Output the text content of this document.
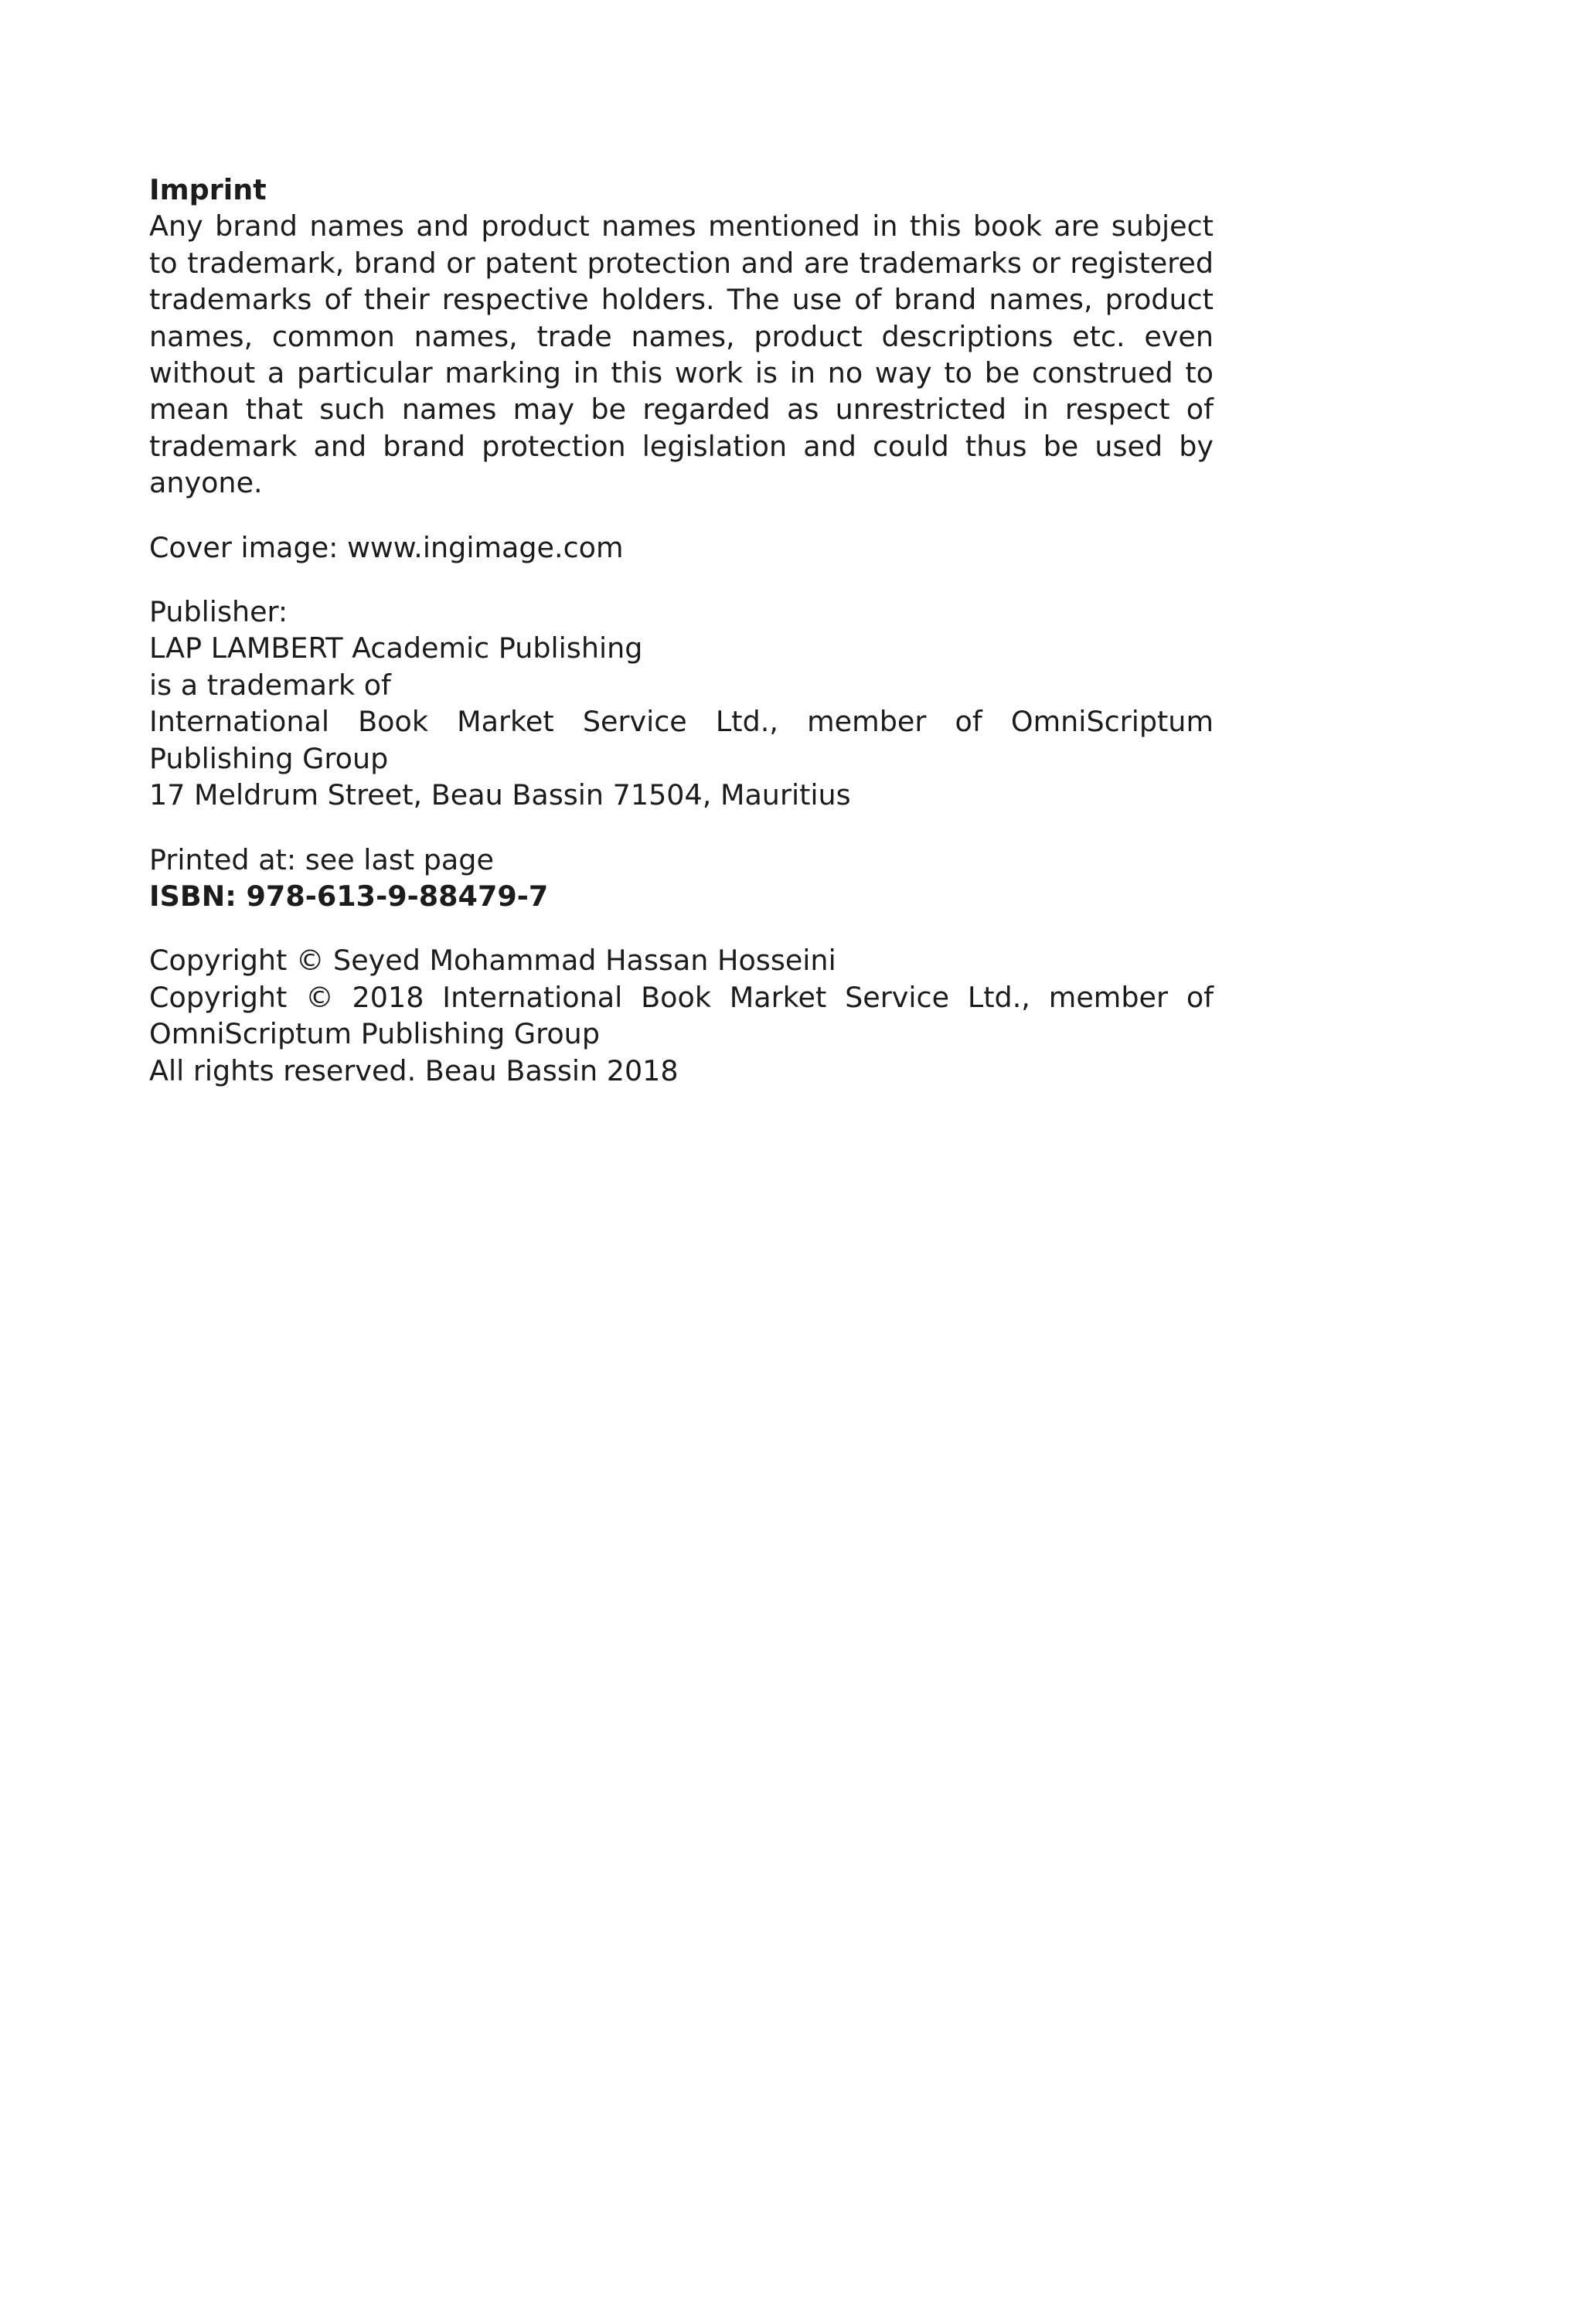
Imprint

Any brand names and product names mentioned in this book are subject to trademark, brand or patent protection and are trademarks or registered trademarks of their respective holders. The use of brand names, product names, common names, trade names, product descriptions etc. even without a particular marking in this work is in no way to be construed to mean that such names may be regarded as unrestricted in respect of trademark and brand protection legislation and could thus be used by anyone.

Cover image: www.ingimage.com

Publisher:
LAP LAMBERT Academic Publishing
is a trademark of
International Book Market Service Ltd., member of OmniScriptum Publishing Group
17 Meldrum Street, Beau Bassin 71504, Mauritius
Printed at: see last page
ISBN: 978-613-9-88479-7
Copyright © Seyed Mohammad Hassan Hosseini
Copyright © 2018 International Book Market Service Ltd., member of OmniScriptum Publishing Group
All rights reserved. Beau Bassin 2018
